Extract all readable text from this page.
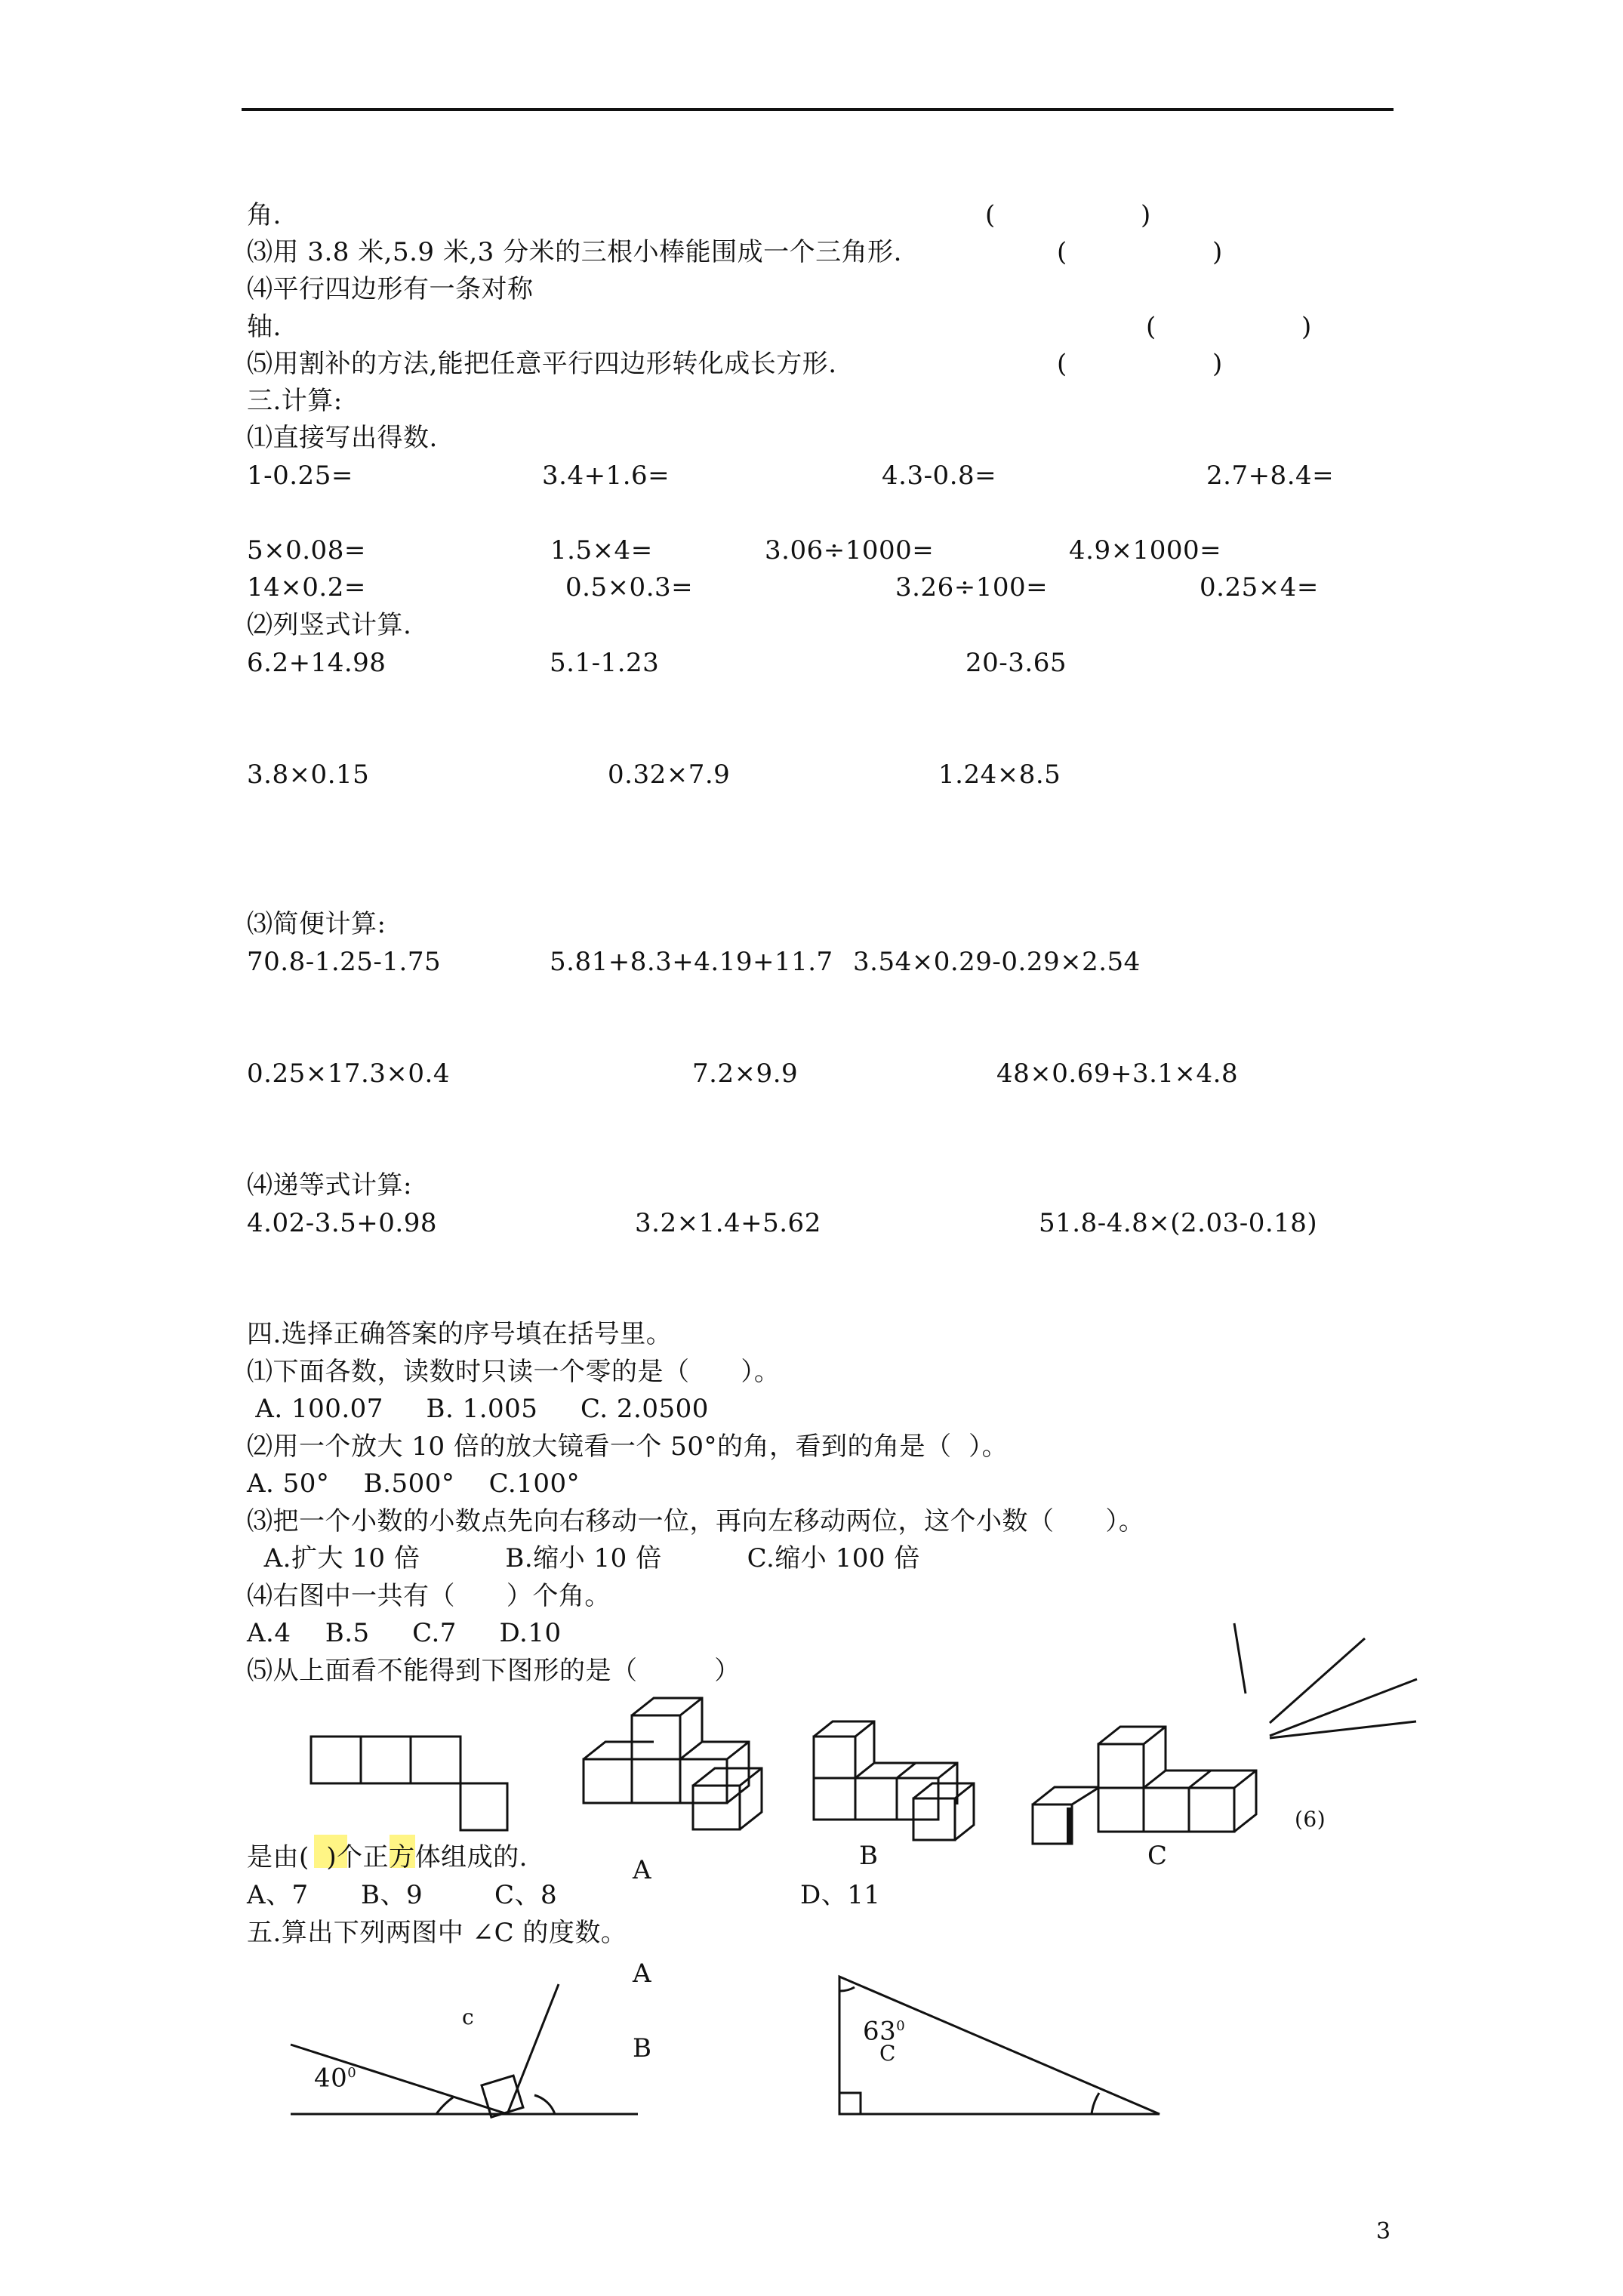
角.	(                 )
⑶用 3.8 米,5.9 米,3 分米的三根小棒能围成一个三角形.	(                 )
⑷平行四边形有一条对称
轴.	(                 )
⑸用割补的方法,能把任意平行四边形转化成长方形.	(                 )
三.计算:
⑴直接写出得数.
1-0.25=	3.4+1.6=	4.3-0.8=	2.7+8.4=
5×0.08=	1.5×4=	3.06÷1000=	4.9×1000=
14×0.2=	0.5×0.3=	3.26÷100=	0.25×4=
⑵列竖式计算.
6.2+14.98	5.1-1.23	20-3.65
3.8×0.15	0.32×7.9	1.24×8.5
⑶简便计算:
70.8-1.25-1.75	5.81+8.3+4.19+11.7 3.54×0.29-0.29×2.54
0.25×17.3×0.4	7.2×9.9	48×0.69+3.1×4.8
⑷递等式计算:
4.02-3.5+0.98	3.2×1.4+5.62	51.8-4.8×(2.03-0.18)
四.选择正确答案的序号填在括号里。
⑴下面各数，读数时只读一个零的是（      ）。
A. 100.07     B. 1.005     C. 2.0500
⑵用一个放大 10 倍的放大镜看一个 50°的角，看到的角是（  ）。
A. 50°    B.500°    C.100°
⑶把一个小数的小数点先向右移动一位，再向左移动两位，这个小数（      ）。
A.扩大 10 倍          B.缩小 10 倍          C.缩小 100 倍
⑷右图中一共有（      ）个角。
A.4    B.5     C.7     D.10
⑸从上面看不能得到下图形的是（         ）
A	B	C
(6)
是由(  )个正方体组成的.
A、7 B、9	C、8	D、11
五.算出下列两图中 ∠C 的度数。
A
B
c
$40^0$
$63^0$
C
3
